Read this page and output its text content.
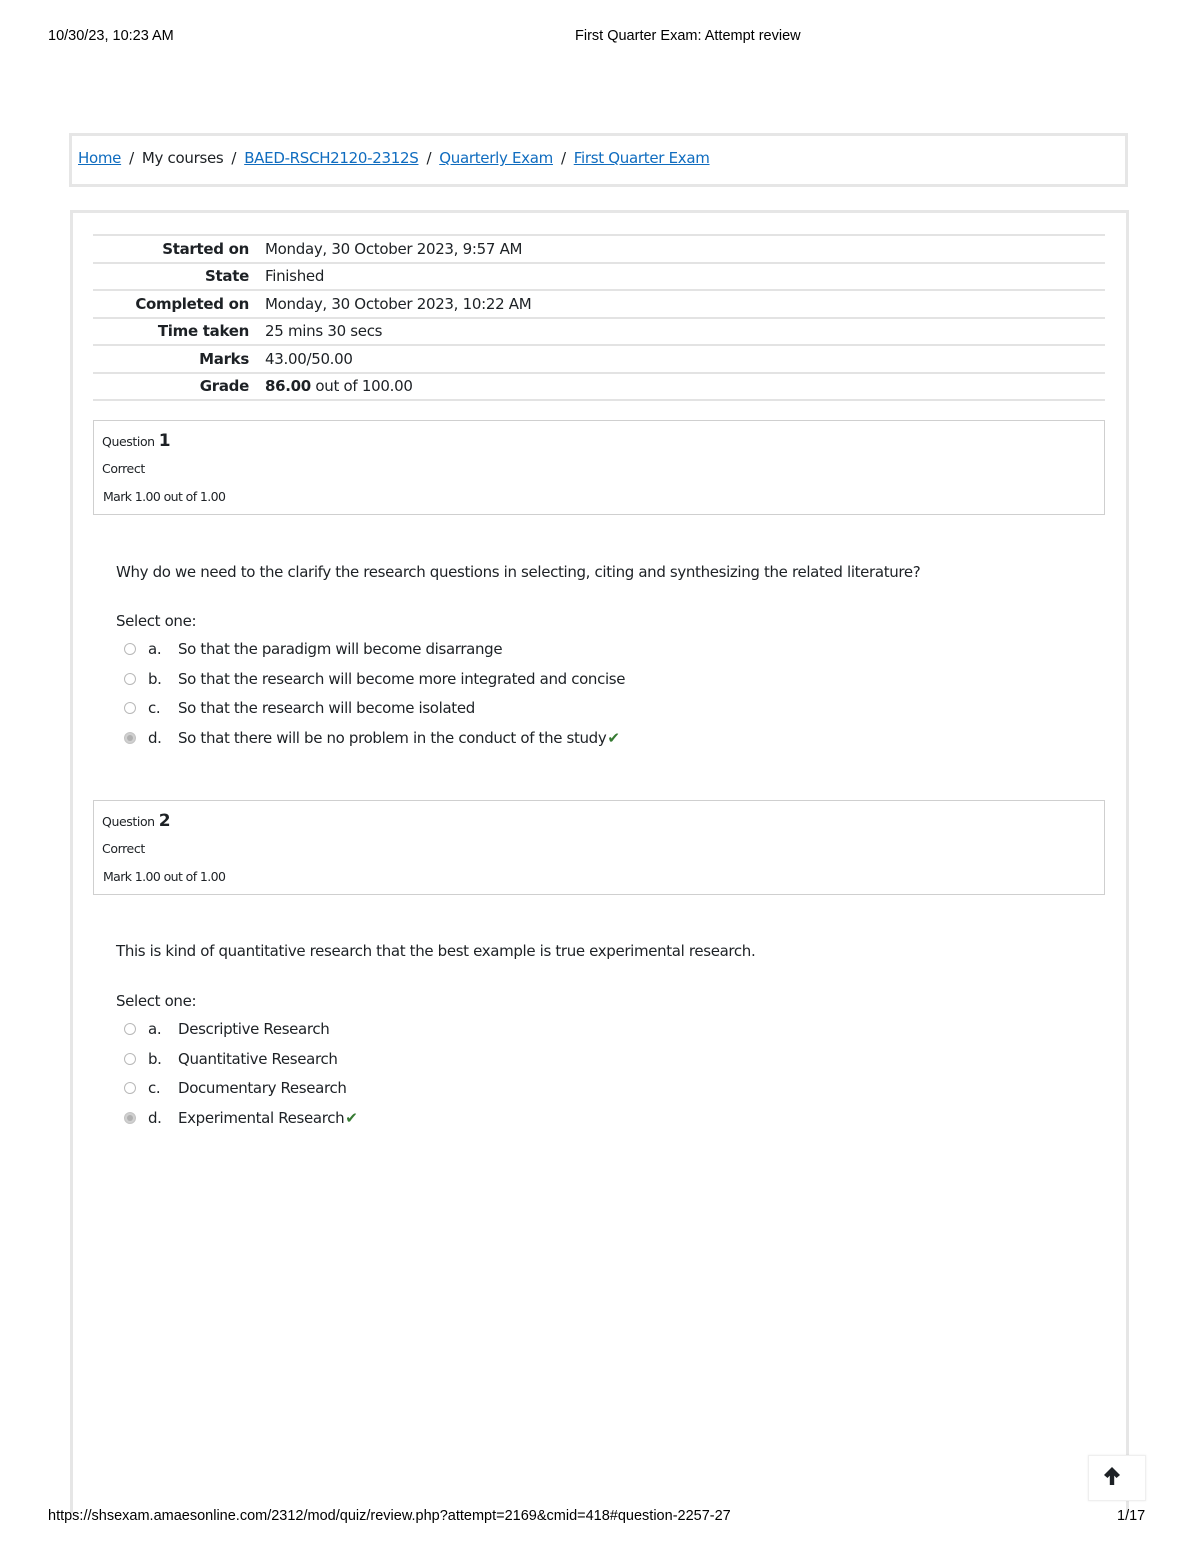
10/30/23, 10:23 AM	First Quarter Exam: Attempt review
Home / My courses / BAED-RSCH2120-2312S / Quarterly Exam / First Quarter Exam
Started on	Monday, 30 October 2023, 9:57 AM
State	Finished
Completed on	Monday, 30 October 2023, 10:22 AM
Time taken	25 mins 30 secs
Marks	43.00/50.00
Grade	86.00 out of 100.00
Question 1
Correct
Mark 1.00 out of 1.00
Why do we need to the clarify the research questions in selecting, citing and synthesizing the related literature?
Select one:
a. So that the paradigm will become disarrange
b. So that the research will become more integrated and concise
c. So that the research will become isolated
d. So that there will be no problem in the conduct of the study✔
Question 2
Correct
Mark 1.00 out of 1.00
This is kind of quantitative research that the best example is true experimental research.
Select one:
a. Descriptive Research
b. Quantitative Research
c. Documentary Research
d. Experimental Research✔
https://shsexam.amaesonline.com/2312/mod/quiz/review.php?attempt=2169&cmid=418#question-2257-27	1/17
